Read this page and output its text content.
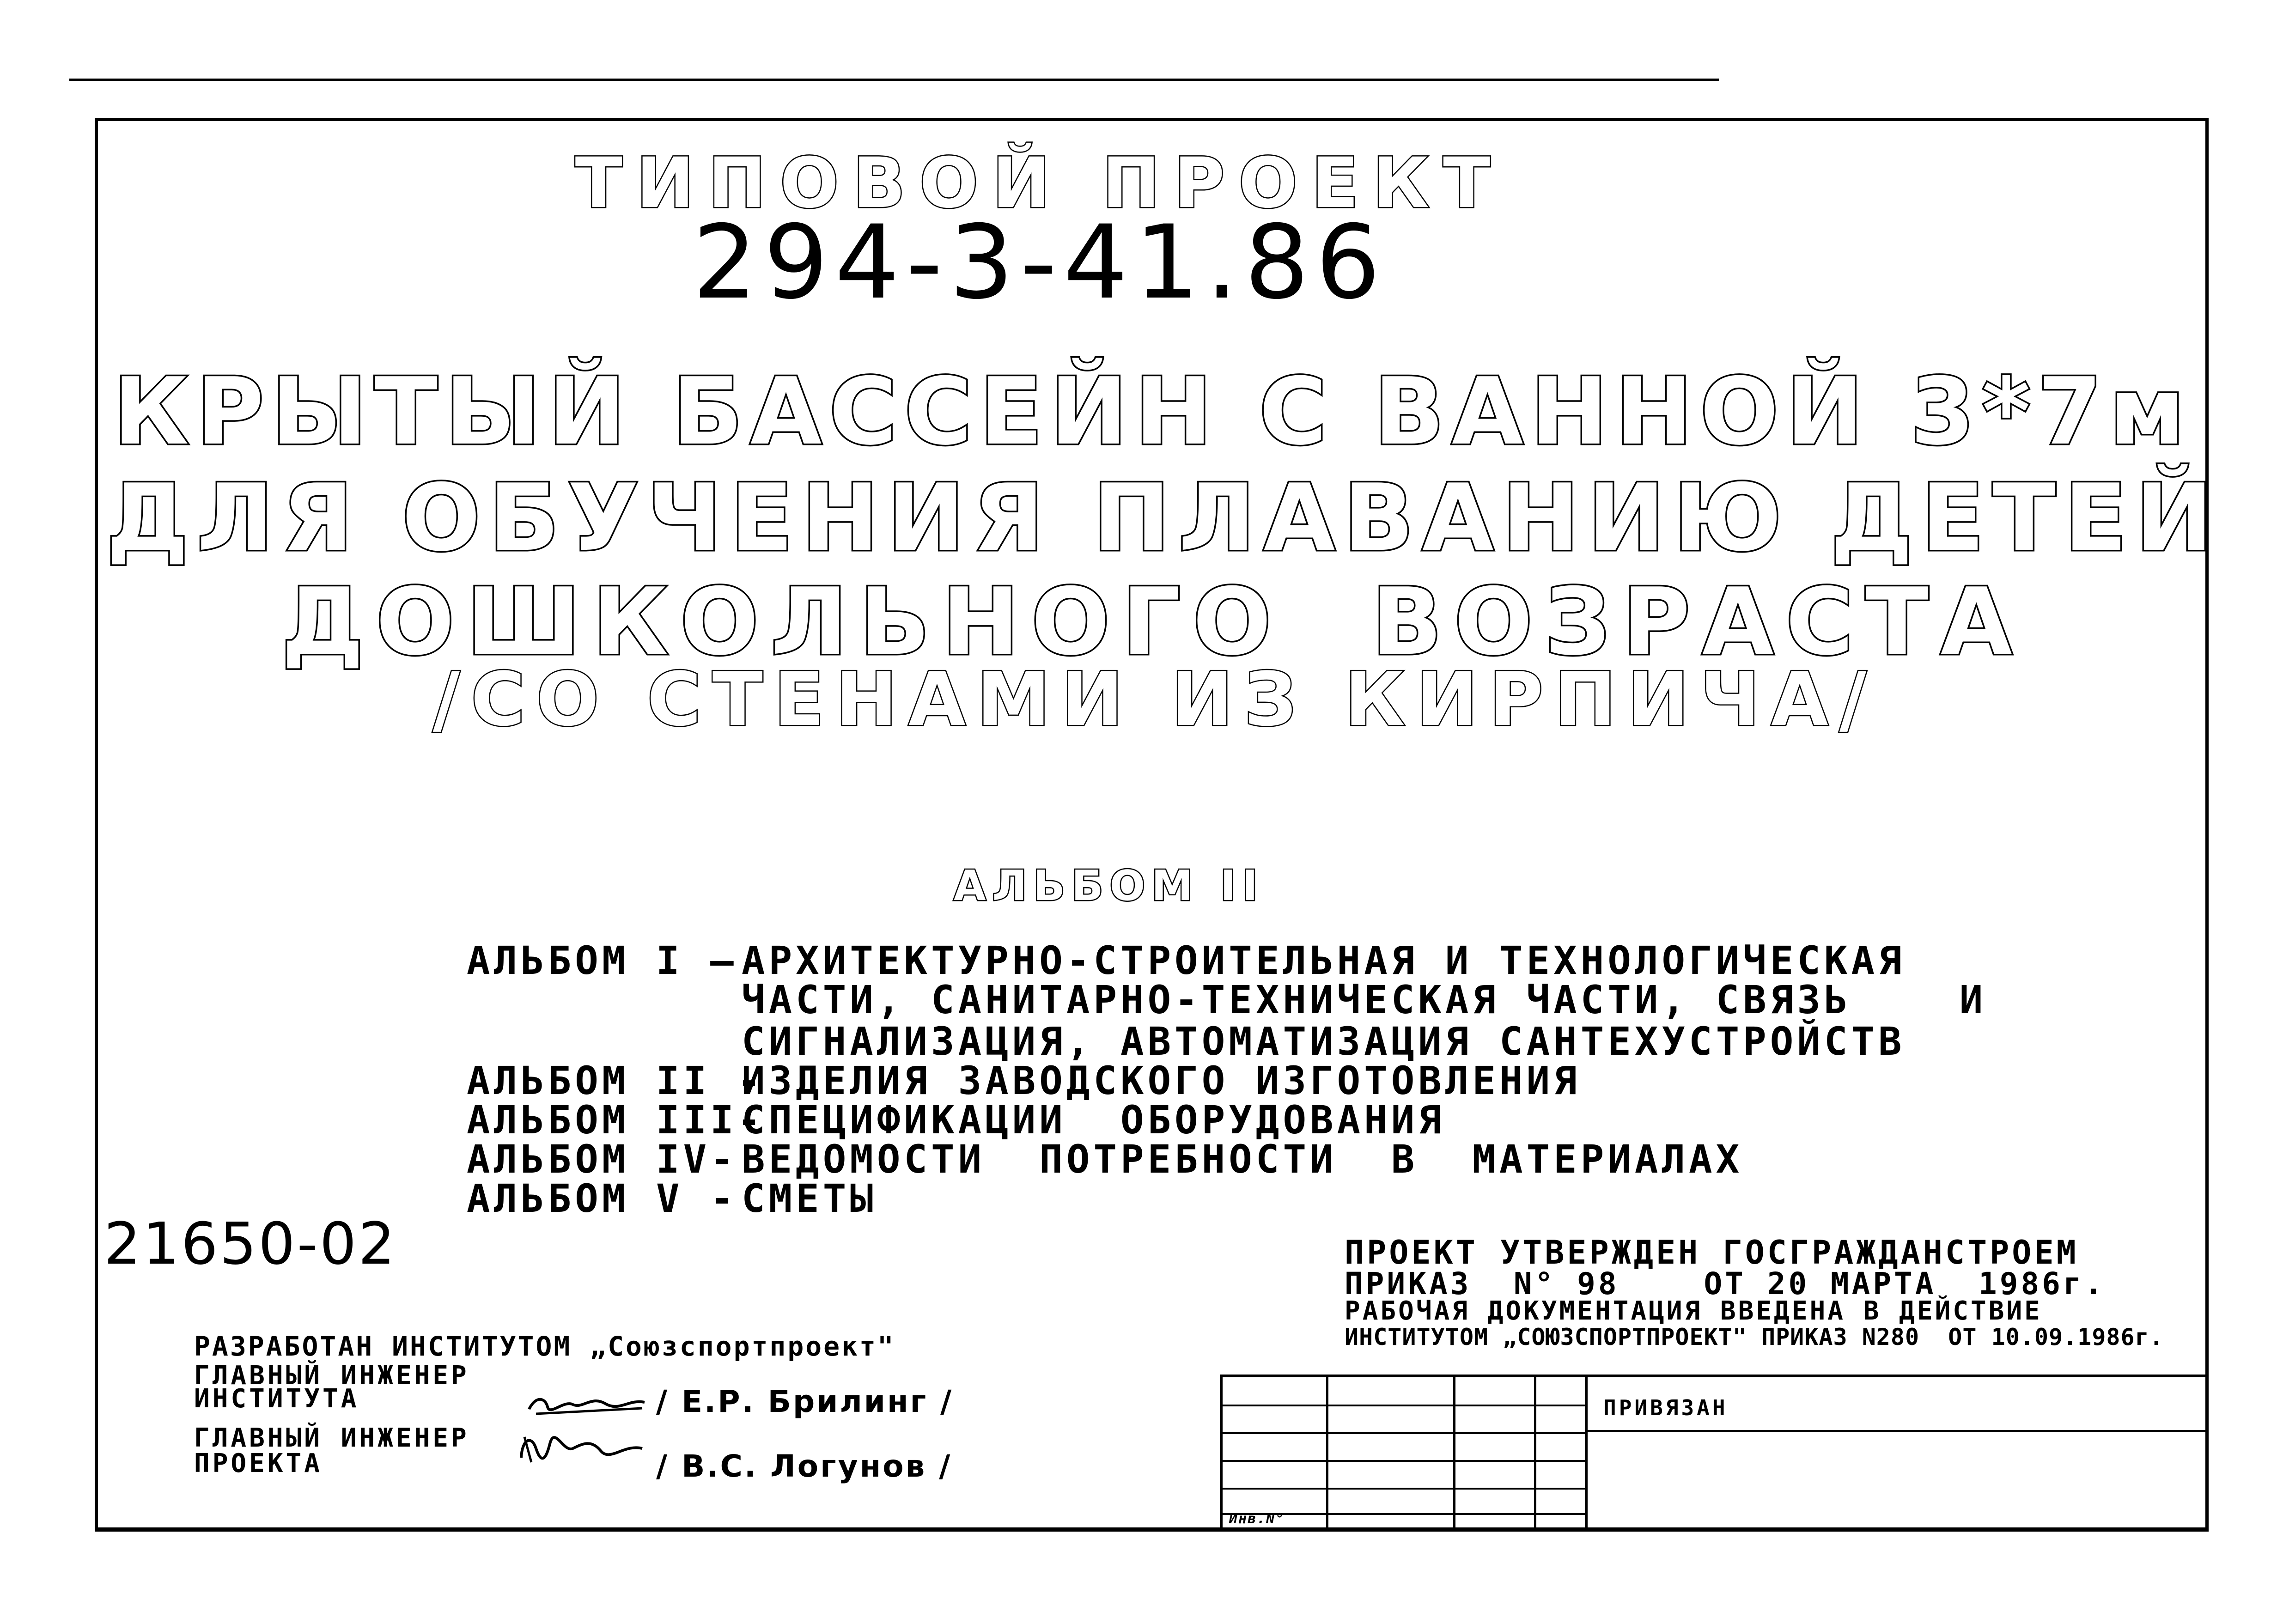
ТИПОВОЙ ПРОЕКТ
294-3-41.86
КРЫТЫЙ БАССЕЙН С ВАННОЙ 3*7м
ДЛЯ ОБУЧЕНИЯ ПЛАВАНИЮ ДЕТЕЙ
ДОШКОЛЬНОГО  ВОЗРАСТА
/СО СТЕНАМИ ИЗ КИРПИЧА/
АЛЬБОМ II
АЛЬБОМ I — АРХИТЕКТУРНО-СТРОИТЕЛЬНАЯ И ТЕХНОЛОГИЧЕСКАЯ
ЧАСТИ, САНИТАРНО-ТЕХНИЧЕСКАЯ ЧАСТИ, СВЯЗЬ    И
СИГНАЛИЗАЦИЯ, АВТОМАТИЗАЦИЯ САНТЕХУСТРОЙСТВ
АЛЬБОМ II -
ИЗДЕЛИЯ ЗАВОДСКОГО ИЗГОТОВЛЕНИЯ
АЛЬБОМ III-
СПЕЦИФИКАЦИИ  ОБОРУДОВАНИЯ
АЛЬБОМ IV- ВЕДОМОСТИ  ПОТРЕБНОСТИ  В  МАТЕРИАЛАХ
АЛЬБОМ V - СМЕТЫ
21650-02	ПРОЕКТ УТВЕРЖДЕН ГОСГРАЖДАНСТРОЕМ
ПРИКАЗ  N° 98    ОТ 20 МАРТА  1986г.
РАБОЧАЯ ДОКУМЕНТАЦИЯ ВВЕДЕНА В ДЕЙСТВИЕ
ИНСТИТУТОМ „СОЮЗСПОРТПРОЕКТ" ПРИКАЗ N280  ОТ 10.09.1986г.
РАЗРАБОТАН ИНСТИТУТОМ „Союзспортпроект"
ГЛАВНЫЙ ИНЖЕНЕР
ИНСТИТУТА	/ Е.Р. Брилинг /
ГЛАВНЫЙ ИНЖЕНЕР
ПРОЕКТА	/ В.С. Логунов /
ПРИВЯЗАН
Инв.N°
